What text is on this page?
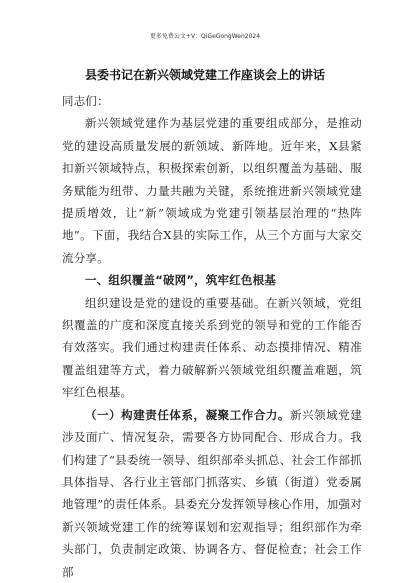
更多免费公文+V：QiGeGongWen2024
县委书记在新兴领域党建工作座谈会上的讲话

同志们：

新兴领域党建作为基层党建的重要组成部分，是推动党的建设高质量发展的新领域、新阵地。近年来，X县紧扣新兴领域特点，积极探索创新，以组织覆盖为基础、服务赋能为纽带、力量共融为关键，系统推进新兴领域党建提质增效，让“新”领域成为党建引领基层治理的“热阵地”。下面，我结合X县的实际工作，从三个方面与大家交流分享。

一、组织覆盖“破网”，筑牢红色根基

组织建设是党的建设的重要基础。在新兴领域，党组织覆盖的广度和深度直接关系到党的领导和党的工作能否有效落实。我们通过构建责任体系、动态摸排情况、精准覆盖组建等方式，着力破解新兴领域党组织覆盖难题，筑牢红色根基。

（一）构建责任体系，凝聚工作合力。新兴领域党建涉及面广、情况复杂，需要各方协同配合、形成合力。我们构建了“县委统一领导、组织部牵头抓总、社会工作部抓具体指导、各行业主管部门抓落实、乡镇（街道）党委属地管理”的责任体系。县委充分发挥领导核心作用，加强对新兴领域党建工作的统筹谋划和宏观指导；组织部作为牵头部门，负责制定政策、协调各方、督促检查；社会工作部
